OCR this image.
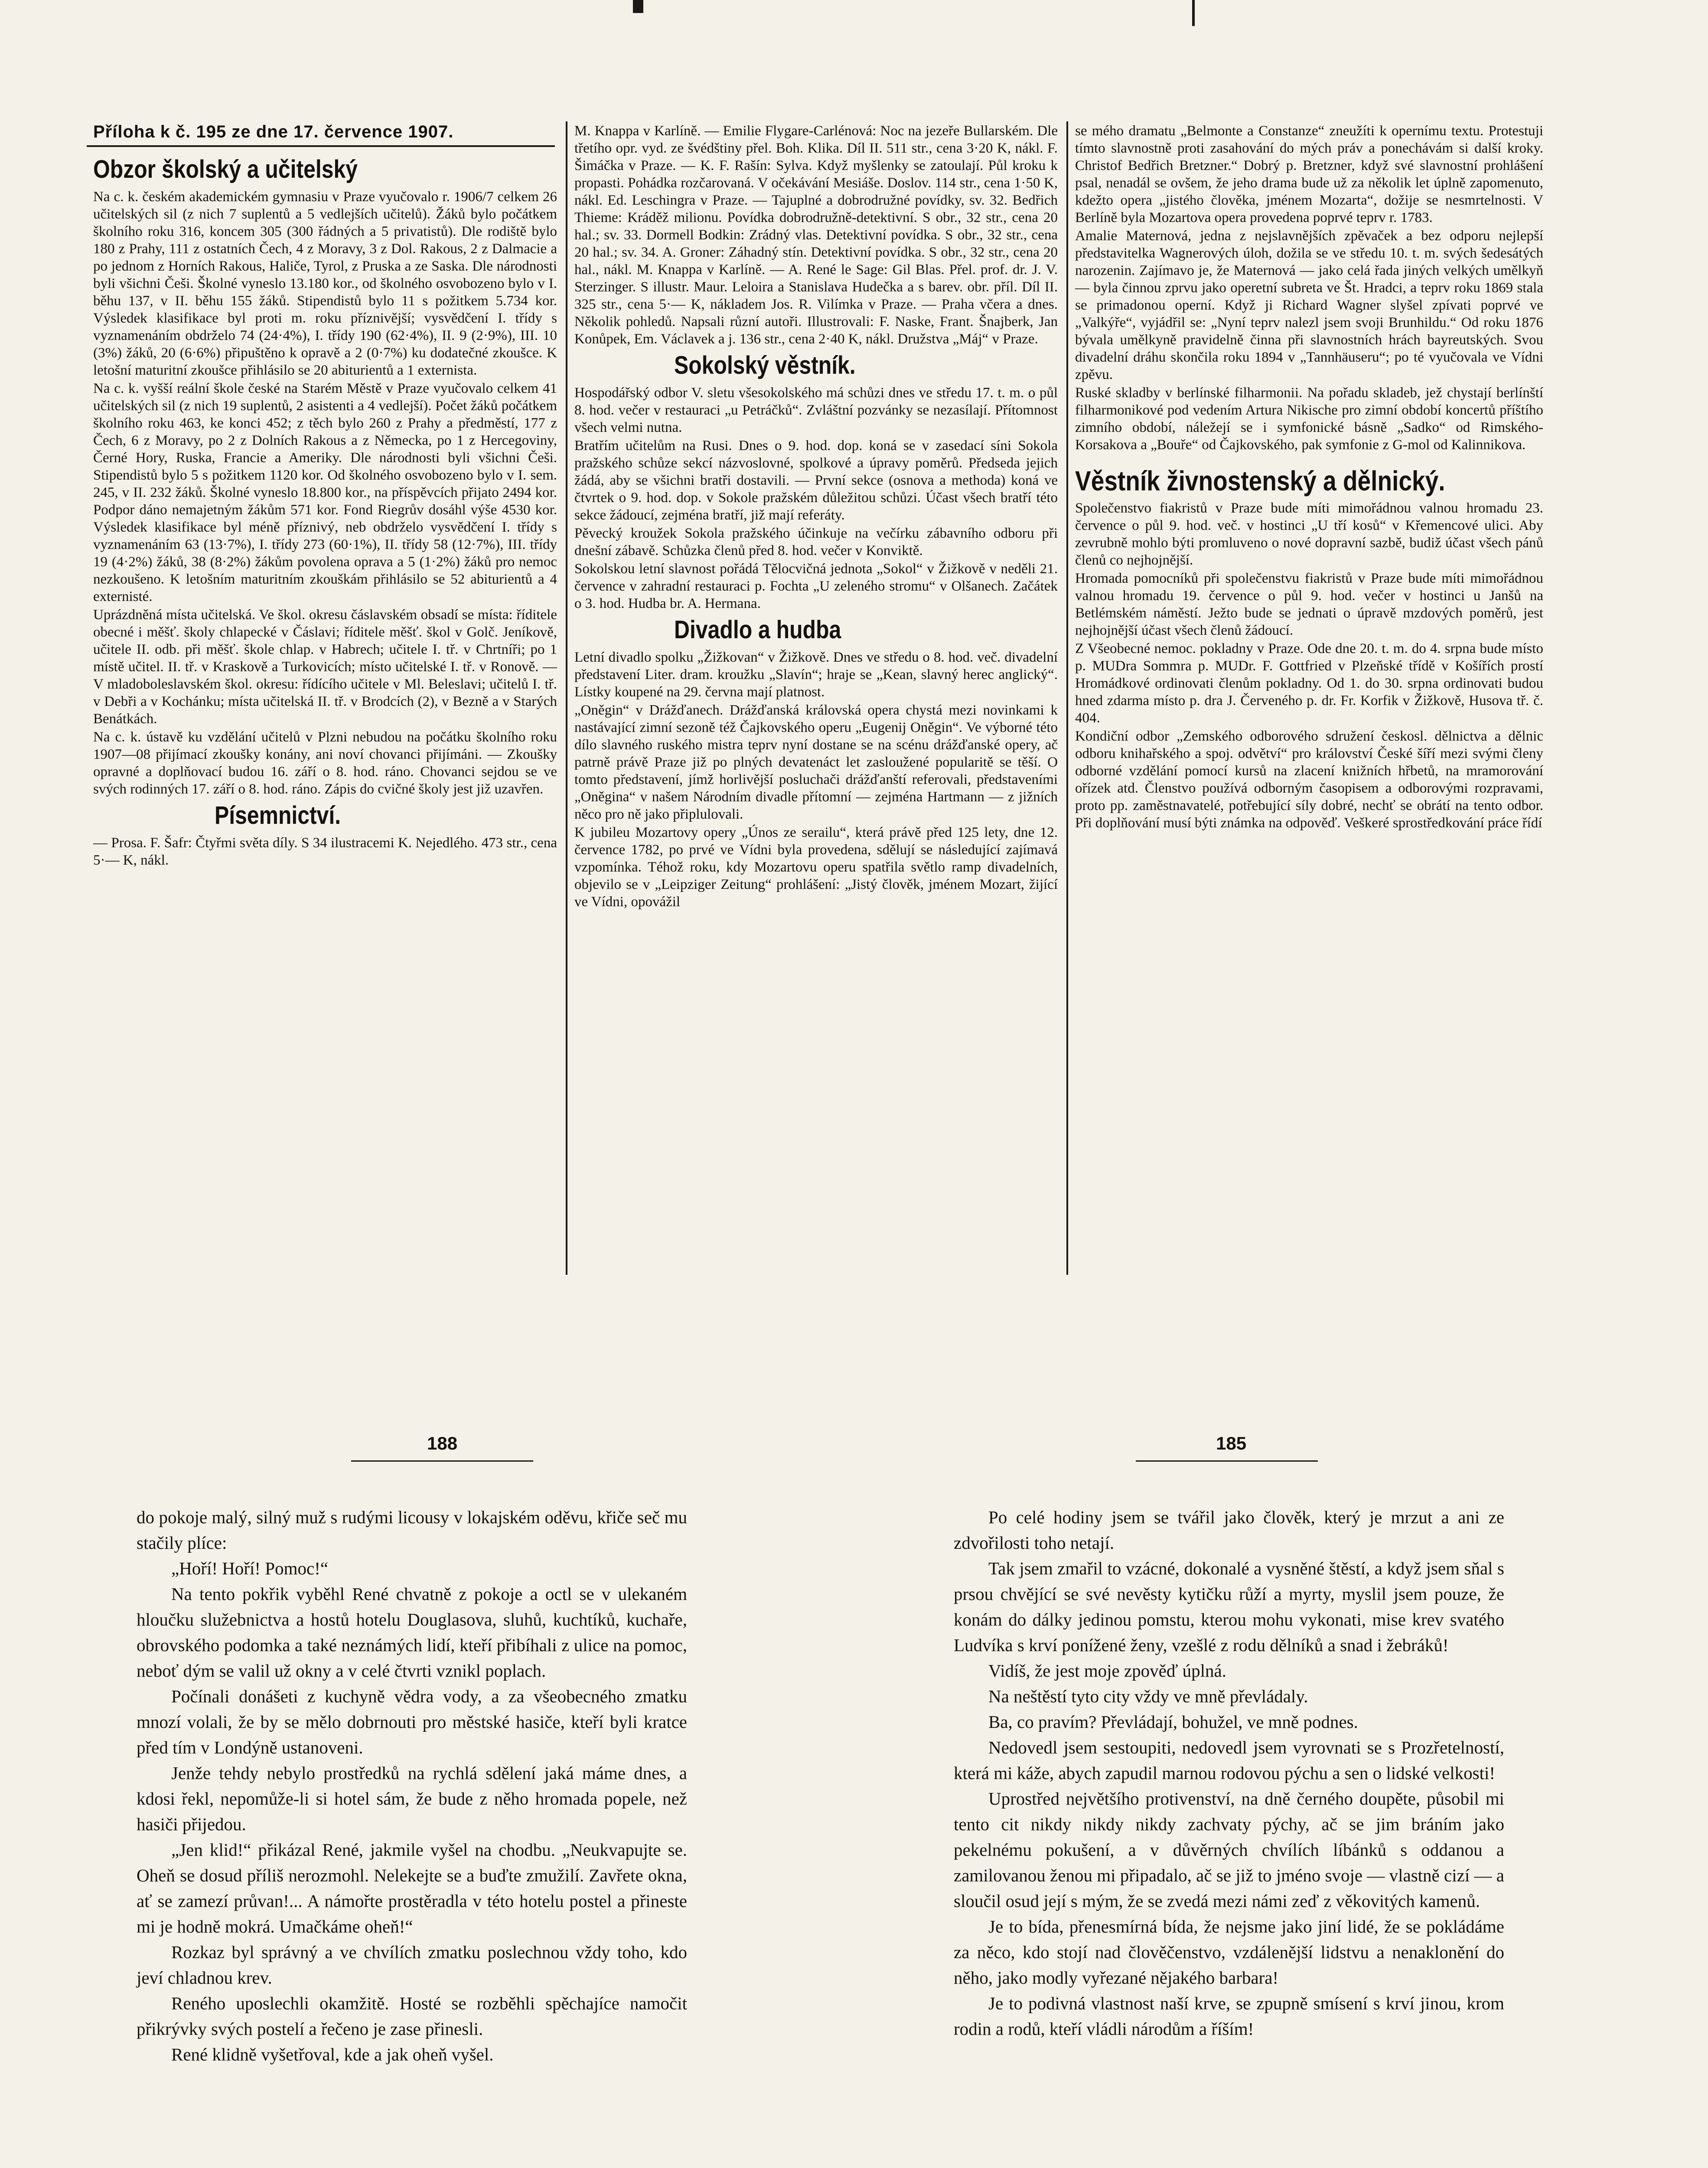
Příloha k č. 195 ze dne 17. července 1907.
Obzor školský a učitelský

Na c. k. českém akademickém gymnasiu v Praze vyučovalo r. 1906/7 celkem 26 učitelských sil (z nich 7 suplentů a 5 vedlejších učitelů). Žáků bylo počátkem školního roku 316, koncem 305 (300 řádných a 5 privatistů). Dle rodiště bylo 180 z Prahy, 111 z ostatních Čech, 4 z Moravy, 3 z Dol. Rakous, 2 z Dalmacie a po jednom z Horních Rakous, Haliče, Tyrol, z Pruska a ze Saska. Dle národnosti byli všichni Češi. Školné vyneslo 13.180 kor., od školného osvobozeno bylo v I. běhu 137, v II. běhu 155 žáků. Stipendistů bylo 11 s požitkem 5.734 kor. Výsledek klasifikace byl proti m. roku příznivější; vysvědčení I. třídy s vyznamenáním obdrželo 74 (24·4%), I. třídy 190 (62·4%), II. 9 (2·9%), III. 10 (3%) žáků, 20 (6·6%) připuštěno k opravě a 2 (0·7%) ku dodatečné zkoušce. K letošní maturitní zkoušce přihlásilo se 20 abiturientů a 1 externista.

Na c. k. vyšší reální škole české na Starém Městě v Praze vyučovalo celkem 41 učitelských sil (z nich 19 suplentů, 2 asistenti a 4 vedlejší). Počet žáků počátkem školního roku 463, ke konci 452; z těch bylo 260 z Prahy a předměstí, 177 z Čech, 6 z Moravy, po 2 z Dolních Rakous a z Německa, po 1 z Hercegoviny, Černé Hory, Ruska, Francie a Ameriky. Dle národnosti byli všichni Češi. Stipendistů bylo 5 s požitkem 1120 kor. Od školného osvobozeno bylo v I. sem. 245, v II. 232 žáků. Školné vyneslo 18.800 kor., na příspěvcích přijato 2494 kor. Podpor dáno nemajetným žákům 571 kor. Fond Riegrův dosáhl výše 4530 kor. Výsledek klasifikace byl méně příznivý, neb obdrželo vysvědčení I. třídy s vyznamenáním 63 (13·7%), I. třídy 273 (60·1%), II. třídy 58 (12·7%), III. třídy 19 (4·2%) žáků, 38 (8·2%) žákům povolena oprava a 5 (1·2%) žáků pro nemoc nezkoušeno. K letošním maturitním zkouškám přihlásilo se 52 abiturientů a 4 externisté.

Uprázdněná místa učitelská. Ve škol. okresu čáslavském obsadí se místa: říditele obecné i měšť. školy chlapecké v Čáslavi; říditele měšť. škol v Golč. Jeníkově, učitele II. odb. při měšť. škole chlap. v Habrech; učitele I. tř. v Chrtníři; po 1 místě učitel. II. tř. v Kraskově a Turkovicích; místo učitelské I. tř. v Ronově. — V mladoboleslavském škol. okresu: řídícího učitele v Ml. Beleslavi; učitelů I. tř. v Debři a v Kochánku; místa učitelská II. tř. v Brodcích (2), v Bezně a v Starých Benátkách.

Na c. k. ústavě ku vzdělání učitelů v Plzni nebudou na počátku školního roku 1907—08 přijímací zkoušky konány, ani noví chovanci přijímáni. — Zkoušky opravné a doplňovací budou 16. září o 8. hod. ráno. Chovanci sejdou se ve svých rodinných 17. září o 8. hod. ráno. Zápis do cvičné školy jest již uzavřen.

Písemnictví.

— Prosa. F. Šafr: Čtyřmi světa díly. S 34 ilustracemi K. Nejedlého. 473 str., cena 5·— K, nákl.

M. Knappa v Karlíně. — Emilie Flygare-Carlénová: Noc na jezeře Bullarském. Dle třetího opr. vyd. ze švédštiny přel. Boh. Klika. Díl II. 511 str., cena 3·20 K, nákl. F. Šimáčka v Praze. — K. F. Rašín: Sylva. Když myšlenky se zatoulají. Půl kroku k propasti. Pohádka rozčarovaná. V očekávání Mesiáše. Doslov. 114 str., cena 1·50 K, nákl. Ed. Leschingra v Praze. — Tajuplné a dobrodružné povídky, sv. 32. Bedřich Thieme: Kráděž milionu. Povídka dobrodružně-detektivní. S obr., 32 str., cena 20 hal.; sv. 33. Dormell Bodkin: Zrádný vlas. Detektivní povídka. S obr., 32 str., cena 20 hal.; sv. 34. A. Groner: Záhadný stín. Detektivní povídka. S obr., 32 str., cena 20 hal., nákl. M. Knappa v Karlíně. — A. René le Sage: Gil Blas. Přel. prof. dr. J. V. Sterzinger. S illustr. Maur. Leloira a Stanislava Hudečka a s barev. obr. příl. Díl II. 325 str., cena 5·— K, nákladem Jos. R. Vilímka v Praze. — Praha včera a dnes. Několik pohledů. Napsali různí autoři. Illustrovali: F. Naske, Frant. Šnajberk, Jan Konůpek, Em. Václavek a j. 136 str., cena 2·40 K, nákl. Družstva „Máj“ v Praze.

Sokolský věstník.

Hospodářský odbor V. sletu všesokolského má schůzi dnes ve středu 17. t. m. o půl 8. hod. večer v restauraci „u Petráčků“. Zvláštní pozvánky se nezasílají. Přítomnost všech velmi nutna.

Bratřím učitelům na Rusi. Dnes o 9. hod. dop. koná se v zasedací síni Sokola pražského schůze sekcí názvoslovné, spolkové a úpravy poměrů. Předseda jejich žádá, aby se všichni bratři dostavili. — První sekce (osnova a methoda) koná ve čtvrtek o 9. hod. dop. v Sokole pražském důležitou schůzi. Účast všech bratří této sekce žádoucí, zejména bratří, již mají referáty.

Pěvecký kroužek Sokola pražského účinkuje na večírku zábavního odboru při dnešní zábavě. Schůzka členů před 8. hod. večer v Konviktě.

Sokolskou letní slavnost pořádá Tělocvičná jednota „Sokol“ v Žižkově v neděli 21. července v zahradní restauraci p. Fochta „U zeleného stromu“ v Olšanech. Začátek o 3. hod. Hudba br. A. Hermana.

Divadlo a hudba

Letní divadlo spolku „Žižkovan“ v Žižkově. Dnes ve středu o 8. hod. več. divadelní představení Liter. dram. kroužku „Slavín“; hraje se „Kean, slavný herec anglický“. Lístky koupené na 29. června mají platnost.

„Oněgin“ v Drážďanech. Drážďanská královská opera chystá mezi novinkami k nastávající zimní sezoně též Čajkovského operu „Eugenij Oněgin“. Ve výborné této dílo slavného ruského mistra teprv nyní dostane se na scénu drážďanské opery, ač patrně právě Praze již po plných devatenáct let zasloužené popularitě se těší. O tomto představení, jímž horlivější posluchači drážďanští referovali, představeními „Oněgina“ v našem Národním divadle přítomní — zejména Hartmann — z jižních něco pro ně jako připlulovali.

K jubileu Mozartovy opery „Únos ze serailu“, která právě před 125 lety, dne 12. července 1782, po prvé ve Vídni byla provedena, sdělují se následující zajímavá vzpomínka. Téhož roku, kdy Mozartovu operu spatřila světlo ramp divadelních, objevilo se v „Leipziger Zeitung“ prohlášení: „Jistý člověk, jménem Mozart, žijící ve Vídni, opovážil

se mého dramatu „Belmonte a Constanze“ zneužíti k opernímu textu. Protestuji tímto slavnostně proti zasahování do mých práv a ponechávám si další kroky. Christof Bedřich Bretzner.“ Dobrý p. Bretzner, když své slavnostní prohlášení psal, nenadál se ovšem, že jeho drama bude už za několik let úplně zapomenuto, kdežto opera „jistého člověka, jménem Mozarta“, dožije se nesmrtelnosti. V Berlíně byla Mozartova opera provedena poprvé teprv r. 1783.

Amalie Maternová, jedna z nejslavnějších zpěvaček a bez odporu nejlepší představitelka Wagnerových úloh, dožila se ve středu 10. t. m. svých šedesátých narozenin. Zajímavo je, že Maternová — jako celá řada jiných velkých umělkyň — byla činnou zprvu jako operetní subreta ve Št. Hradci, a teprv roku 1869 stala se primadonou operní. Když ji Richard Wagner slyšel zpívati poprvé ve „Valkýře“, vyjádřil se: „Nyní teprv nalezl jsem svoji Brunhildu.“ Od roku 1876 bývala umělkyně pravidelně činna při slavnostních hrách bayreutských. Svou divadelní dráhu skončila roku 1894 v „Tannhäuseru“; po té vyučovala ve Vídni zpěvu.

Ruské skladby v berlínské filharmonii. Na pořadu skladeb, jež chystají berlínští filharmonikové pod vedením Artura Nikische pro zimní období koncertů příštího zimního období, náležejí se i symfonické básně „Sadko“ od Rimského-Korsakova a „Bouře“ od Čajkovského, pak symfonie z G-mol od Kalinnikova.

Věstník živnostenský a dělnický.

Společenstvo fiakristů v Praze bude míti mimořádnou valnou hromadu 23. července o půl 9. hod. več. v hostinci „U tří kosů“ v Křemencové ulici. Aby zevrubně mohlo býti promluveno o nové dopravní sazbě, budiž účast všech pánů členů co nejhojnější.

Hromada pomocníků při společenstvu fiakristů v Praze bude míti mimořádnou valnou hromadu 19. července o půl 9. hod. večer v hostinci u Janšů na Betlémském náměstí. Ježto bude se jednati o úpravě mzdových poměrů, jest nejhojnější účast všech členů žádoucí.

Z Všeobecné nemoc. pokladny v Praze. Ode dne 20. t. m. do 4. srpna bude místo p. MUDra Sommra p. MUDr. F. Gottfried v Plzeňské třídě v Košířích prostí Hromádkové ordinovati členům pokladny. Od 1. do 30. srpna ordinovati budou hned zdarma místo p. dra J. Červeného p. dr. Fr. Korfik v Žižkově, Husova tř. č. 404.

Kondiční odbor „Zemského odborového sdružení českosl. dělnictva a dělnic odboru knihařského a spoj. odvětví“ pro království České šíří mezi svými členy odborné vzdělání pomocí kursů na zlacení knižních hřbetů, na mramorování ořízek atd. Členstvo používá odborným časopisem a odborovými rozpravami, proto pp. zaměstnavatelé, potřebující síly dobré, nechť se obrátí na tento odbor. Při doplňování musí býti známka na odpověď. Veškeré sprostředkování práce řídí

188	185

do pokoje malý, silný muž s rudými licousy v lokajském oděvu, křiče seč mu stačily plíce:

„Hoří! Hoří! Pomoc!“

Na tento pokřik vyběhl René chvatně z pokoje a octl se v ulekaném hloučku služebnictva a hostů hotelu Douglasova, sluhů, kuchtíků, kuchaře, obrovského podomka a také neznámých lidí, kteří přibíhali z ulice na pomoc, neboť dým se valil už okny a v celé čtvrti vznikl poplach.

Počínali donášeti z kuchyně vědra vody, a za všeobecného zmatku mnozí volali, že by se mělo dobrnouti pro městské hasiče, kteří byli kratce před tím v Londýně ustanoveni.

Jenže tehdy nebylo prostředků na rychlá sdělení jaká máme dnes, a kdosi řekl, nepomůže-li si hotel sám, že bude z něho hromada popele, než hasiči přijedou.

„Jen klid!“ přikázal René, jakmile vyšel na chodbu. „Neukvapujte se. Oheň se dosud příliš nerozmohl. Nelekejte se a buďte zmužilí. Zavřete okna, ať se zamezí průvan!... A námořte prostěradla v této hotelu postel a přineste mi je hodně mokrá. Umačkáme oheň!“

Rozkaz byl správný a ve chvílích zmatku poslechnou vždy toho, kdo jeví chladnou krev.

Reného uposlechli okamžitě. Hosté se rozběhli spěchajíce namočit přikrývky svých postelí a řečeno je zase přinesli.

René klidně vyšetřoval, kde a jak oheň vyšel.

Po celé hodiny jsem se tvářil jako člověk, který je mrzut a ani ze zdvořilosti toho netají.

Tak jsem zmařil to vzácné, dokonalé a vysněné štěstí, a když jsem sňal s prsou chvějící se své nevěsty kytičku růží a myrty, myslil jsem pouze, že konám do dálky jedinou pomstu, kterou mohu vykonati, mise krev svatého Ludvíka s krví ponížené ženy, vzešlé z rodu dělníků a snad i žebráků!

Vidíš, že jest moje zpověď úplná.

Na neštěstí tyto city vždy ve mně převládaly.

Ba, co pravím? Převládají, bohužel, ve mně podnes.

Nedovedl jsem sestoupiti, nedovedl jsem vyrovnati se s Prozřetelností, která mi káže, abych zapudil marnou rodovou pýchu a sen o lidské velkosti!

Uprostřed největšího protivenství, na dně černého doupěte, působil mi tento cit nikdy nikdy nikdy zachvaty pýchy, ač se jim bráním jako pekelnému pokušení, a v důvěrných chvílích líbánků s oddanou a zamilovanou ženou mi připadalo, ač se již to jméno svoje — vlastně cizí — a sloučil osud její s mým, že se zvedá mezi námi zeď z věkovitých kamenů.

Je to bída, přenesmírná bída, že nejsme jako jiní lidé, že se pokládáme za něco, kdo stojí nad člověčenstvo, vzdálenější lidstvu a nenaklonění do něho, jako modly vyřezané nějakého barbara!

Je to podivná vlastnost naší krve, se zpupně smísení s krví jinou, krom rodin a rodů, kteří vládli národům a říším!
